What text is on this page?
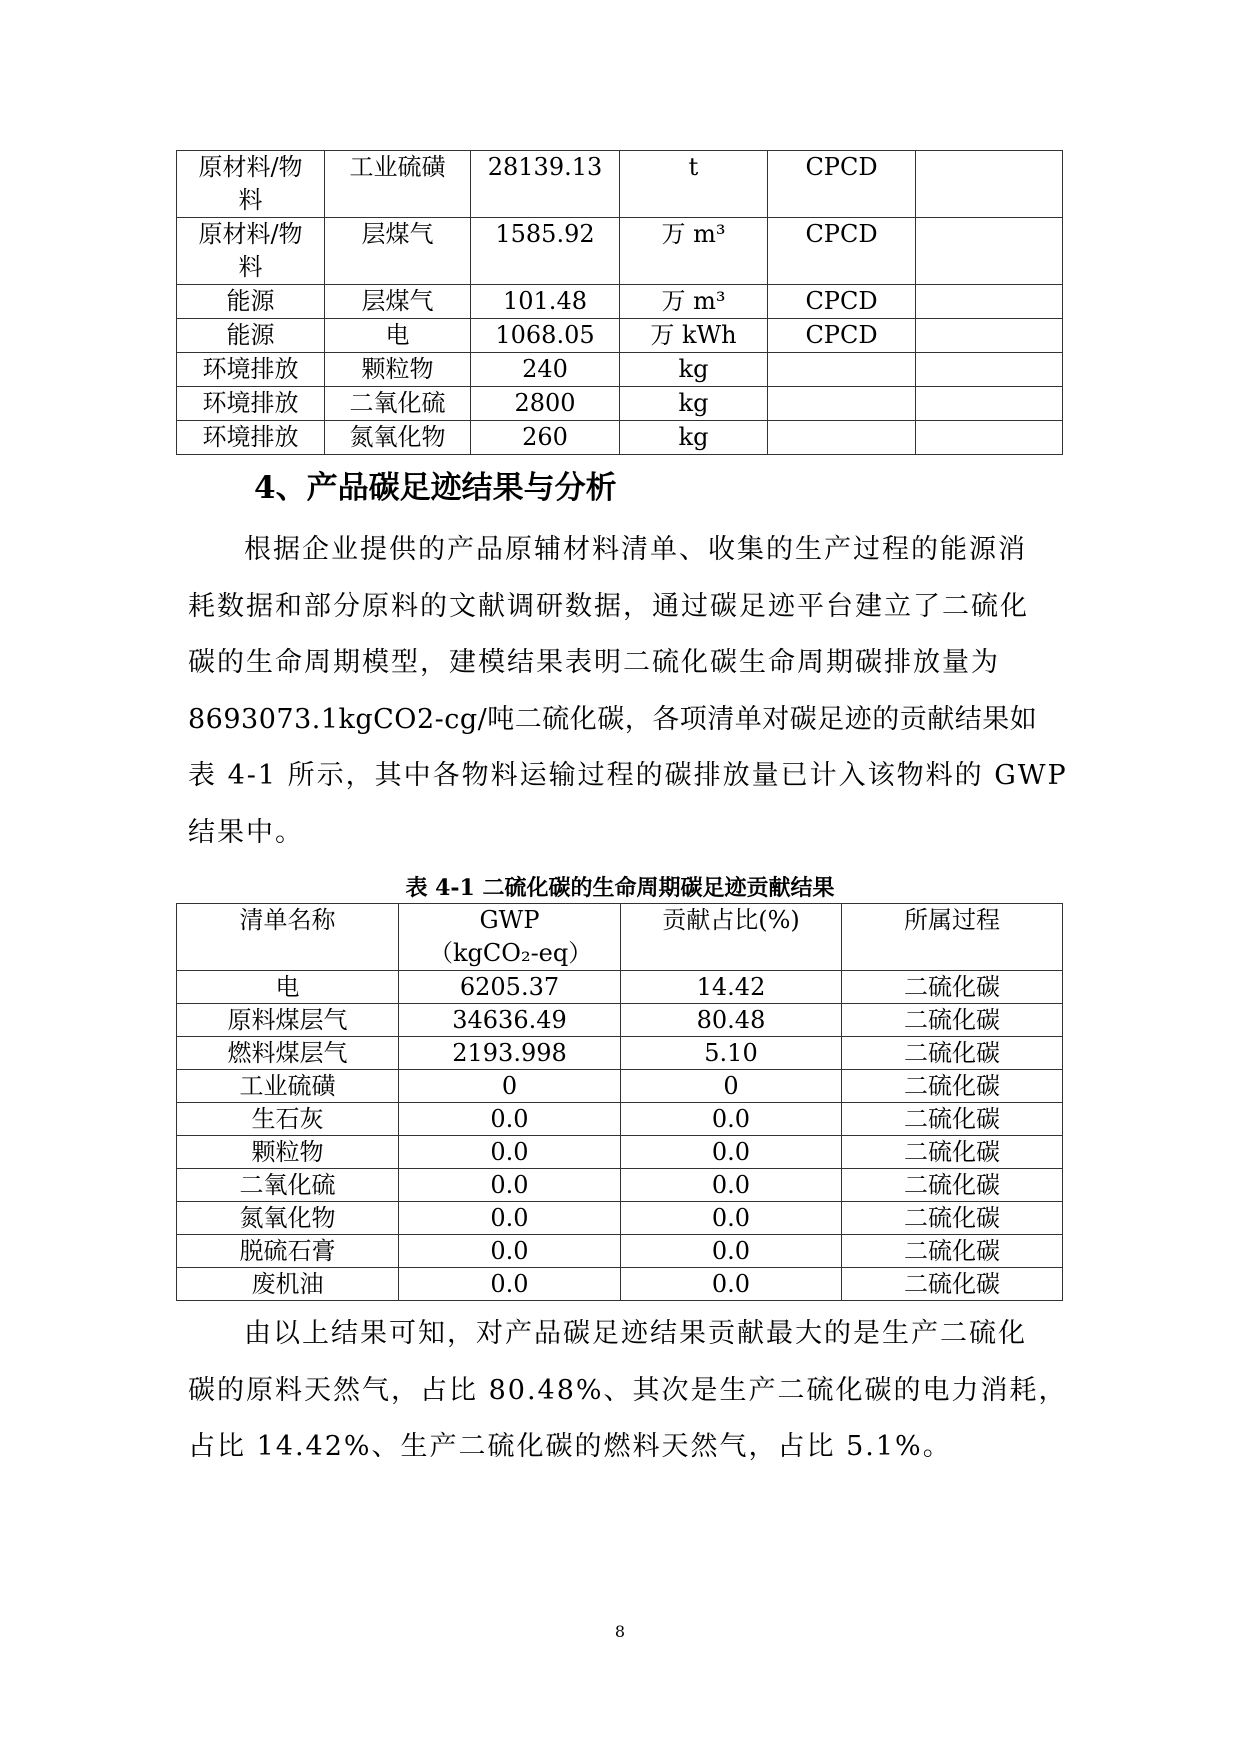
原材料/物料	工业硫磺	28139.13	t	CPCD	
原材料/物料	层煤气	1585.92	万 m³	CPCD	
能源	层煤气	101.48	万 m³	CPCD	
能源	电	1068.05	万 kWh	CPCD	
环境排放	颗粒物	240	kg		
环境排放	二氧化硫	2800	kg		
环境排放	氮氧化物	260	kg		
4、产品碳足迹结果与分析
根据企业提供的产品原辅材料清单、收集的生产过程的能源消
耗数据和部分原料的文献调研数据，通过碳足迹平台建立了二硫化
碳的生命周期模型，建模结果表明二硫化碳生命周期碳排放量为
8693073.1kgCO2-cg/吨二硫化碳，各项清单对碳足迹的贡献结果如
表 4-1 所示，其中各物料运输过程的碳排放量已计入该物料的 GWP
结果中。
表 4-1 二硫化碳的生命周期碳足迹贡献结果
清单名称	GWP（kgCO₂-eq）	贡献占比(%)	所属过程
电	6205.37	14.42	二硫化碳
原料煤层气	34636.49	80.48	二硫化碳
燃料煤层气	2193.998	5.10	二硫化碳
工业硫磺	0	0	二硫化碳
生石灰	0.0	0.0	二硫化碳
颗粒物	0.0	0.0	二硫化碳
二氧化硫	0.0	0.0	二硫化碳
氮氧化物	0.0	0.0	二硫化碳
脱硫石膏	0.0	0.0	二硫化碳
废机油	0.0	0.0	二硫化碳
由以上结果可知，对产品碳足迹结果贡献最大的是生产二硫化
碳的原料天然气，占比 80.48%、其次是生产二硫化碳的电力消耗，
占比 14.42%、生产二硫化碳的燃料天然气，占比 5.1%。
8
